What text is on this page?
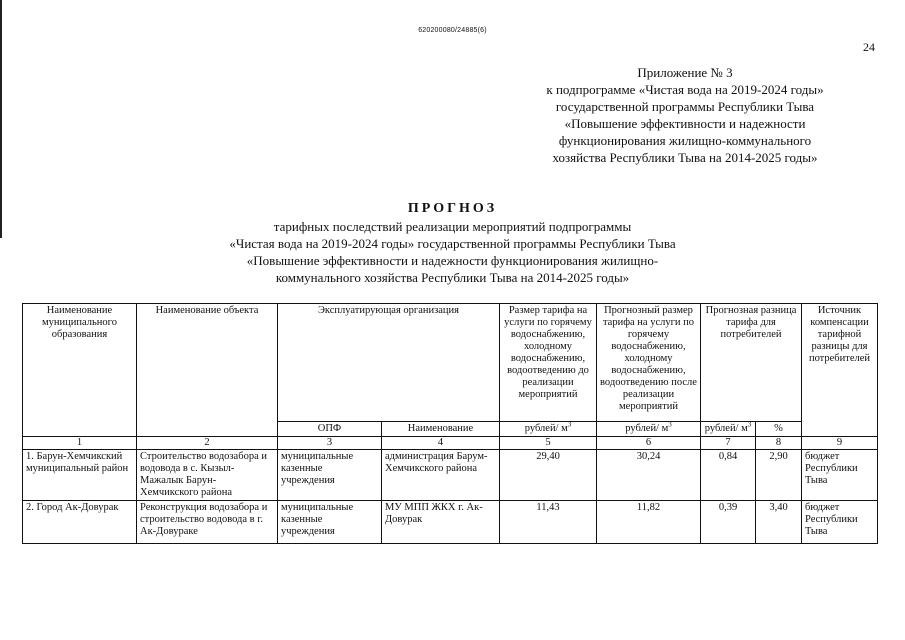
620200080/24885(6)
24
Приложение № 3
к подпрограмме «Чистая вода на 2019-2024 годы»
государственной программы Республики Тыва
«Повышение эффективности и надежности
функционирования жилищно-коммунального
хозяйства Республики Тыва на 2014-2025 годы»
ПРОГНОЗ
тарифных последствий реализации мероприятий подпрограммы
«Чистая вода на 2019-2024 годы» государственной программы Республики Тыва
«Повышение эффективности и надежности функционирования жилищно-
коммунального хозяйства Республики Тыва на 2014-2025 годы»
Наименование муниципального образования	Наименование объекта	Эксплуатирующая организация		Размер тарифа на услуги по горячему водоснабжению, холодному водоснабжению, водоотведению до реализации мероприятий	Прогнозный размер тарифа на услуги по горячему водоснабжению, холодному водоснабжению, водоотведению после реализации мероприятий	Прогнозная разница тарифа для потребителей		Источник компенсации тарифной разницы для потребителей
		ОПФ	Наименование	рублей/ $м^3$	рублей/ $м^3$	рублей/ $м^3$	%	
1	2	3	4	5	6	7	8	9
1. Барун-Хемчикский муниципальный район	Строительство водозабора и водовода в с. Кызыл-Мажалык Барун-Хемчикского района	муниципальные казенные учреждения	администрация Барум-Хемчикского района	29,40	30,24	0,84	2,90	бюджет Республики Тыва
2. Город Ак-Довурак	Реконструкция водозабора и строительство водовода в г. Ак-Довураке	муниципальные казенные учреждения	МУ МПП ЖКХ г. Ак-Довурак	11,43	11,82	0,39	3,40	бюджет Республики Тыва
